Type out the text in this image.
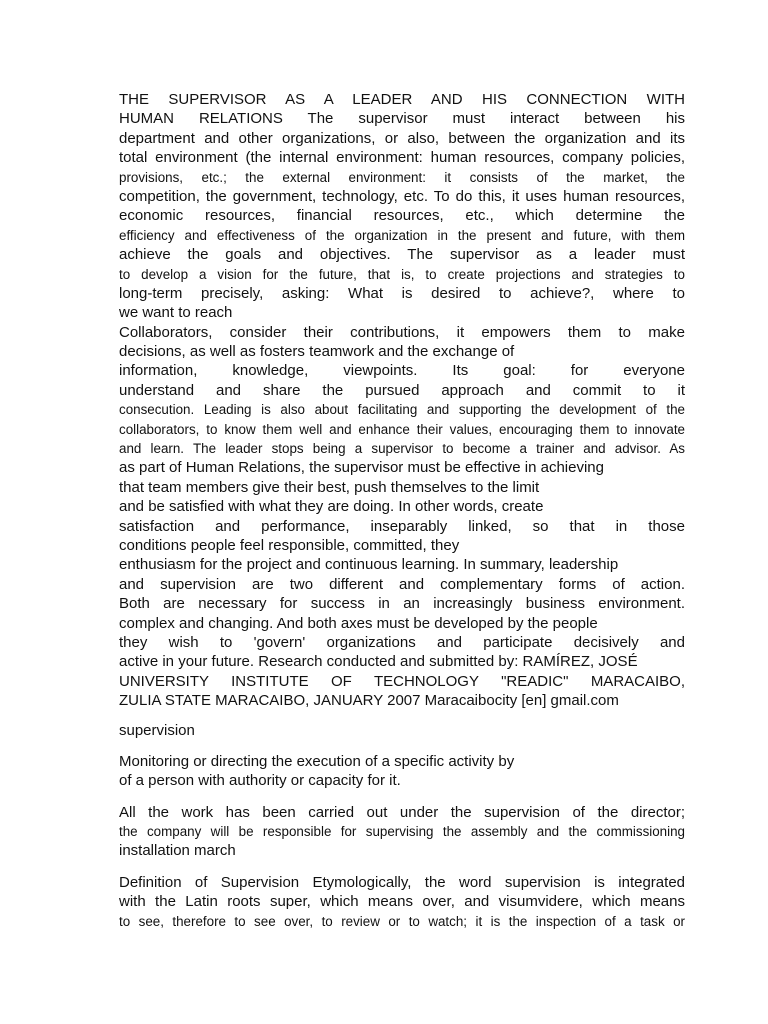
THE SUPERVISOR AS A LEADER AND HIS CONNECTION WITH
HUMAN RELATIONS The supervisor must interact between his
department and other organizations, or also, between the organization and its
total environment (the internal environment: human resources, company policies,
provisions, etc.; the external environment: it consists of the market, the
competition, the government, technology, etc. To do this, it uses human resources,
economic resources, financial resources, etc., which determine the
efficiency and effectiveness of the organization in the present and future, with them
achieve the goals and objectives. The supervisor as a leader must
to develop a vision for the future, that is, to create projections and strategies to
long-term precisely, asking: What is desired to achieve?, where to
we want to reach
Collaborators, consider their contributions, it empowers them to make
decisions, as well as fosters teamwork and the exchange of
information, knowledge, viewpoints. Its goal: for everyone
understand and share the pursued approach and commit to it
consecution. Leading is also about facilitating and supporting the development of the
collaborators, to know them well and enhance their values, encouraging them to innovate
and learn. The leader stops being a supervisor to become a trainer and advisor. As
as part of Human Relations, the supervisor must be effective in achieving
that team members give their best, push themselves to the limit
and be satisfied with what they are doing. In other words, create
satisfaction and performance, inseparably linked, so that in those
conditions people feel responsible, committed, they
enthusiasm for the project and continuous learning. In summary, leadership
and supervision are two different and complementary forms of action.
Both are necessary for success in an increasingly business environment.
complex and changing. And both axes must be developed by the people
they wish to 'govern' organizations and participate decisively and
active in your future. Research conducted and submitted by: RAMÍREZ, JOSÉ
UNIVERSITY INSTITUTE OF TECHNOLOGY "READIC" MARACAIBO,
ZULIA STATE MARACAIBO, JANUARY 2007 Maracaibocity [en] gmail.com
supervision
Monitoring or directing the execution of a specific activity by
of a person with authority or capacity for it.
All the work has been carried out under the supervision of the director;
the company will be responsible for supervising the assembly and the commissioning
installation march
Definition of Supervision Etymologically, the word supervision is integrated
with the Latin roots super, which means over, and visumvidere, which means
to see, therefore to see over, to review or to watch; it is the inspection of a task or
